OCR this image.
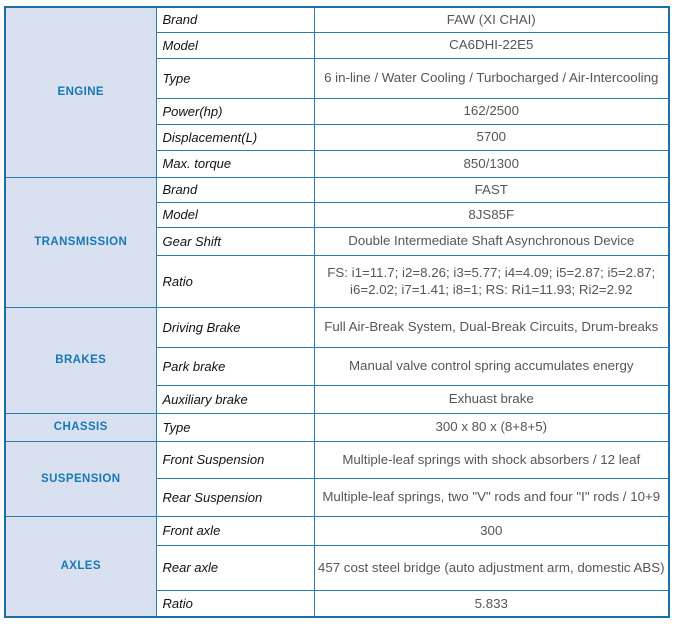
ENGINE	Brand	FAW (XI CHAI)
	Model	CA6DHI-22E5
	Type	6 in-line / Water Cooling / Turbocharged / Air-Intercooling
	Power(hp)	162/2500
	Displacement(L)	5700
	Max. torque	850/1300
TRANSMISSION	Brand	FAST
	Model	8JS85F
	Gear Shift	Double Intermediate Shaft Asynchronous Device
	Ratio	FS: i1=11.7; i2=8.26; i3=5.77; i4=4.09; i5=2.87; i5=2.87; i6=2.02; i7=1.41; i8=1; RS: Ri1=11.93; Ri2=2.92
BRAKES	Driving Brake	Full Air-Break System, Dual-Break Circuits, Drum-breaks
	Park brake	Manual valve control spring accumulates energy
	Auxiliary brake	Exhuast brake
CHASSIS	Type	300 x 80 x (8+8+5)
SUSPENSION	Front Suspension	Multiple-leaf springs with shock absorbers / 12 leaf
	Rear Suspension	Multiple-leaf springs, two "V" rods and four "I" rods / 10+9
AXLES	Front axle	300
	Rear axle	457 cost steel bridge (auto adjustment arm, domestic ABS)
	Ratio	5.833
